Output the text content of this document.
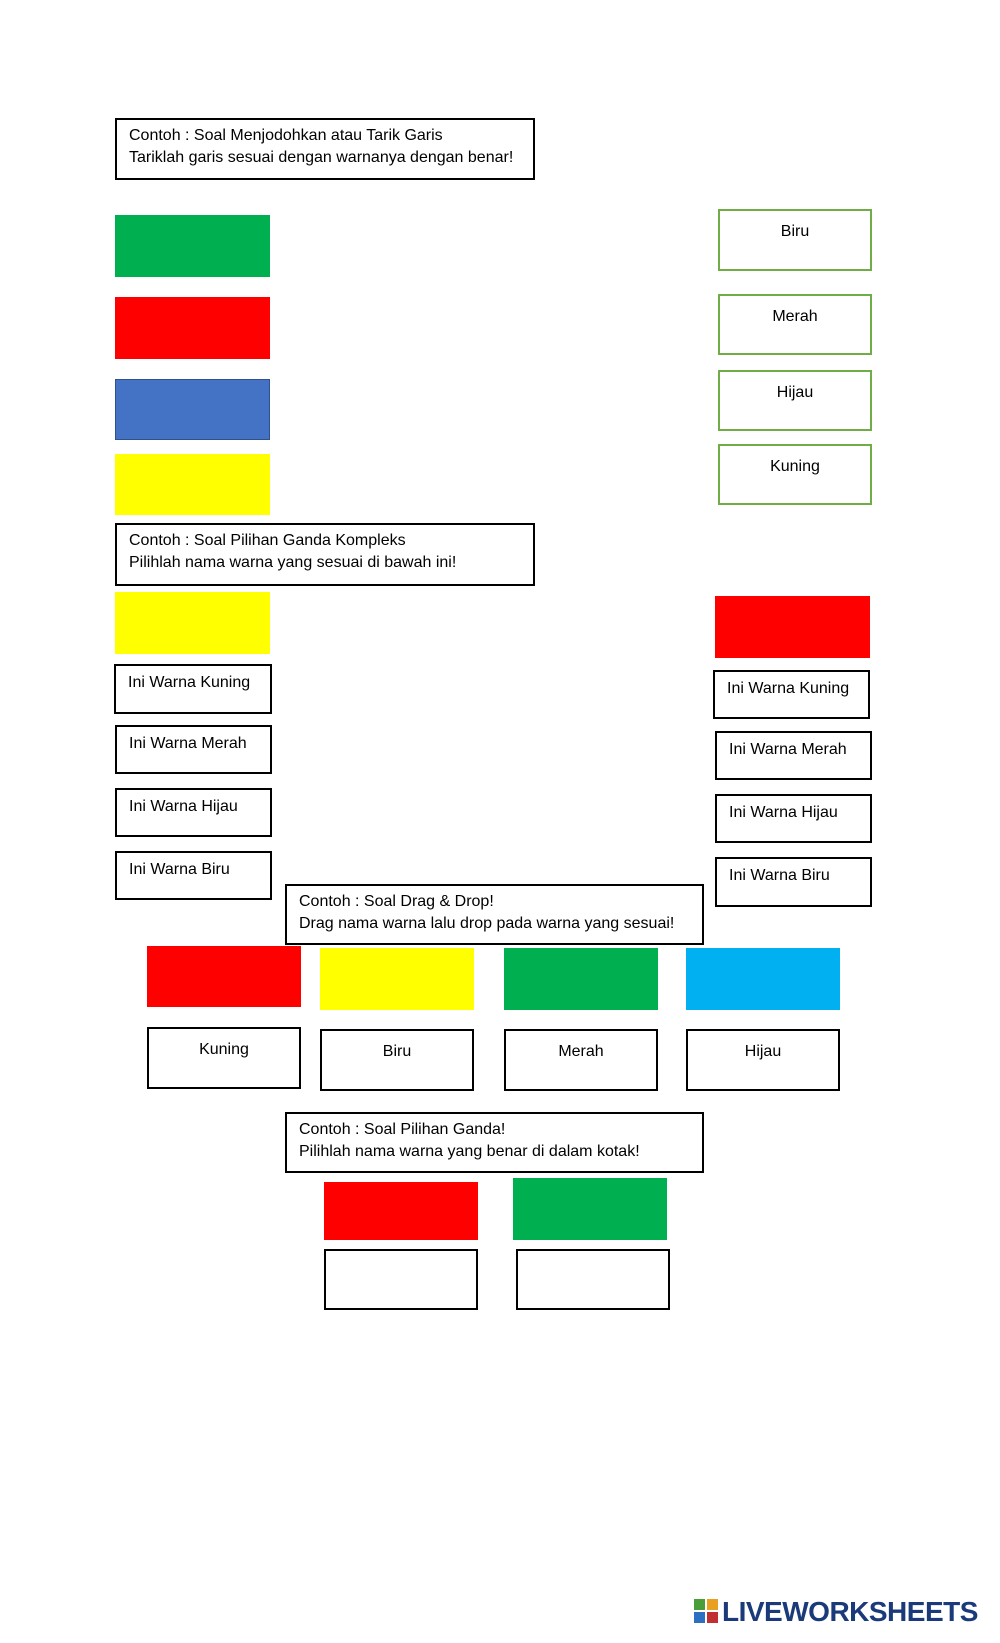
Contoh : Soal Menjodohkan atau Tarik Garis
Tariklah garis sesuai dengan warnanya dengan benar!
Biru
Merah
Hijau
Kuning
Contoh : Soal Pilihan Ganda Kompleks
Pilihlah nama warna yang sesuai di bawah ini!
Ini Warna Kuning
Ini Warna Merah
Ini Warna Hijau
Ini Warna Biru
Ini Warna Kuning
Ini Warna Merah
Ini Warna Hijau
Ini Warna Biru
Contoh : Soal Drag & Drop!
Drag nama warna lalu drop pada warna yang sesuai!
Kuning	Biru	Merah	Hijau
Contoh : Soal Pilihan Ganda!
Pilihlah nama warna yang benar di dalam kotak!
LIVEWORKSHEETS
